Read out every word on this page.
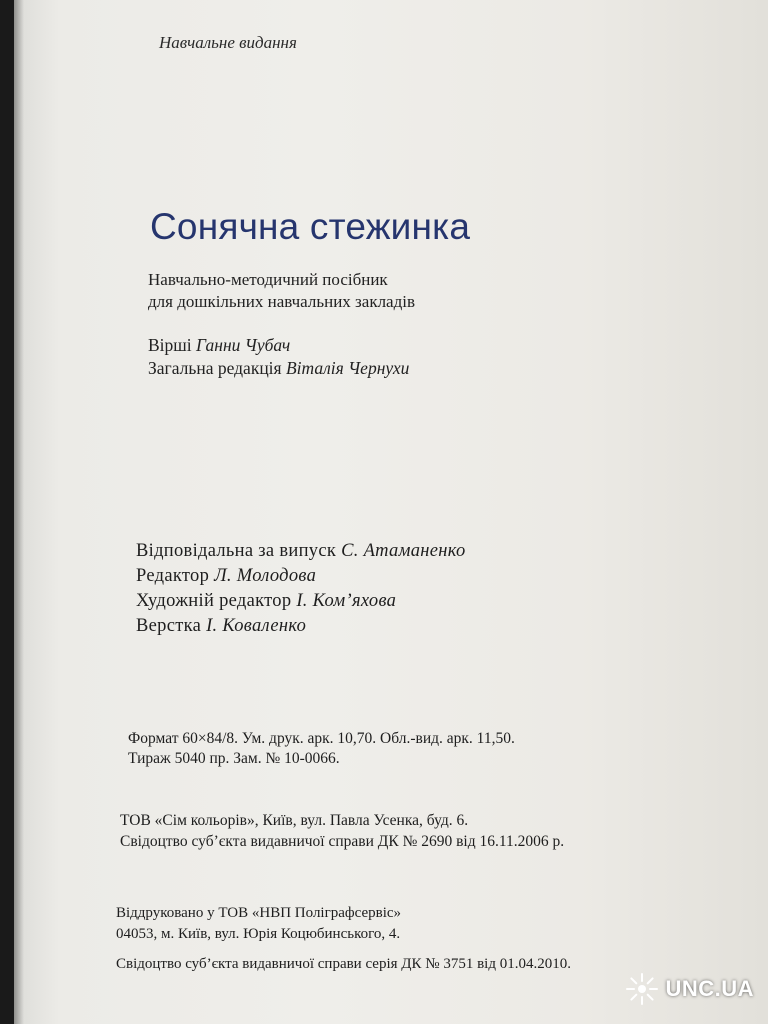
Навчальне видання
Сонячна стежинка
Навчально-методичний посібник
для дошкільних навчальних закладів
Вірші Ганни Чубач
Загальна редакція Віталія Чернухи
Відповідальна за випуск С. Атаманенко
Редактор Л. Молодова
Художній редактор І. Ком’яхова
Верстка І. Коваленко
Формат 60×84/8. Ум. друк. арк. 10,70. Обл.-вид. арк. 11,50.
Тираж 5040 пр. Зам. № 10-0066.
ТОВ «Сім кольорів», Київ, вул. Павла Усенка, буд. 6.
Свідоцтво суб’єкта видавничої справи ДК № 2690 від 16.11.2006 р.
Віддруковано у ТОВ «НВП Поліграфсервіс»
04053, м. Київ, вул. Юрія Коцюбинського, 4.
Свідоцтво суб’єкта видавничої справи серія ДК № 3751 від 01.04.2010.
UNC.UA
